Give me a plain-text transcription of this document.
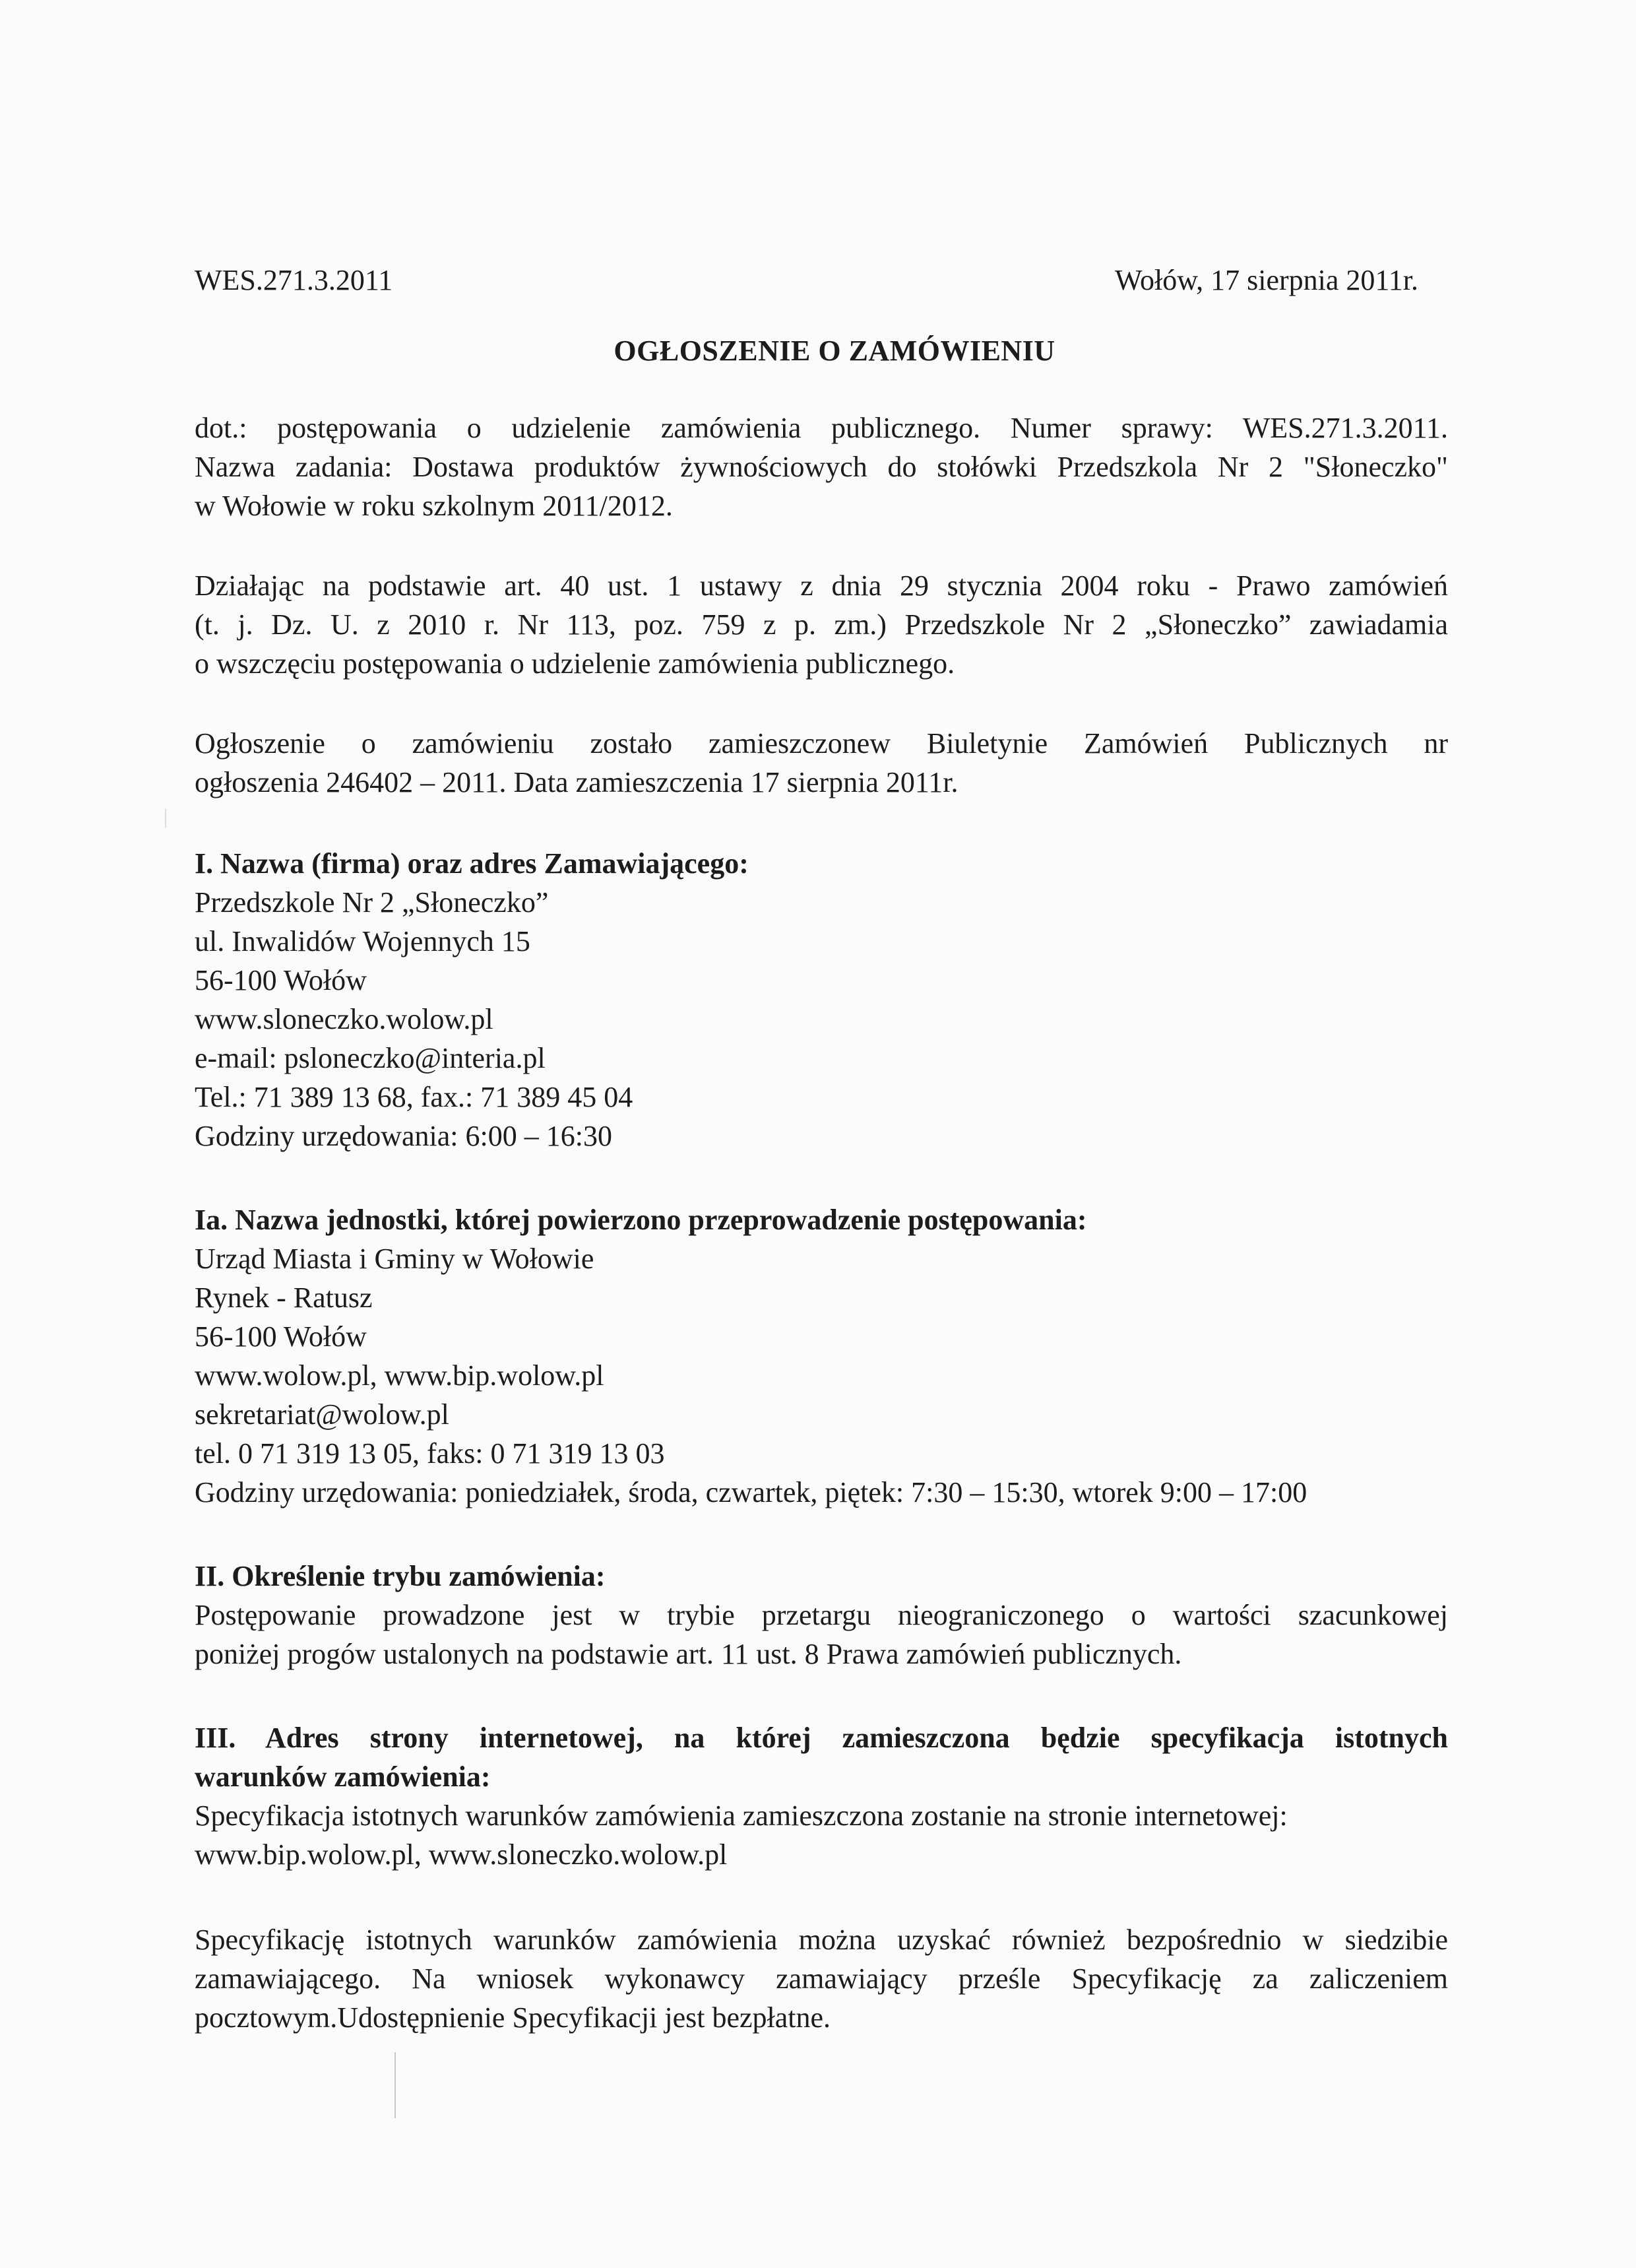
WES.271.3.2011	Wołów, 17 sierpnia 2011r.
OGŁOSZENIE O ZAMÓWIENIU
dot.: postępowania o udzielenie zamówienia publicznego. Numer sprawy: WES.271.3.2011.
Nazwa zadania: Dostawa produktów żywnościowych do stołówki Przedszkola Nr 2 "Słoneczko"
w Wołowie w roku szkolnym 2011/2012.
Działając na podstawie art. 40 ust. 1 ustawy z dnia 29 stycznia 2004 roku - Prawo zamówień
(t. j. Dz. U. z 2010 r. Nr 113, poz. 759 z p. zm.) Przedszkole Nr 2 „Słoneczko” zawiadamia
o wszczęciu postępowania o udzielenie zamówienia publicznego.
Ogłoszenie o zamówieniu zostało zamieszczonew Biuletynie Zamówień Publicznych nr
ogłoszenia 246402 – 2011. Data zamieszczenia 17 sierpnia 2011r.
I. Nazwa (firma) oraz adres Zamawiającego:
Przedszkole Nr 2 „Słoneczko”
ul. Inwalidów Wojennych 15
56-100 Wołów
www.sloneczko.wolow.pl
e-mail: psloneczko@interia.pl
Tel.: 71 389 13 68, fax.: 71 389 45 04
Godziny urzędowania: 6:00 – 16:30
Ia. Nazwa jednostki, której powierzono przeprowadzenie postępowania:
Urząd Miasta i Gminy w Wołowie
Rynek - Ratusz
56-100 Wołów
www.wolow.pl, www.bip.wolow.pl
sekretariat@wolow.pl
tel. 0 71 319 13 05, faks: 0 71 319 13 03
Godziny urzędowania: poniedziałek, środa, czwartek, piętek: 7:30 – 15:30, wtorek 9:00 – 17:00
II. Określenie trybu zamówienia:
Postępowanie prowadzone jest w trybie przetargu nieograniczonego o wartości szacunkowej
poniżej progów ustalonych na podstawie art. 11 ust. 8 Prawa zamówień publicznych.
III. Adres strony internetowej, na której zamieszczona będzie specyfikacja istotnych
warunków zamówienia:
Specyfikacja istotnych warunków zamówienia zamieszczona zostanie na stronie internetowej:
www.bip.wolow.pl, www.sloneczko.wolow.pl
Specyfikację istotnych warunków zamówienia można uzyskać również bezpośrednio w siedzibie
zamawiającego. Na wniosek wykonawcy zamawiający prześle Specyfikację za zaliczeniem
pocztowym.Udostępnienie Specyfikacji jest bezpłatne.
